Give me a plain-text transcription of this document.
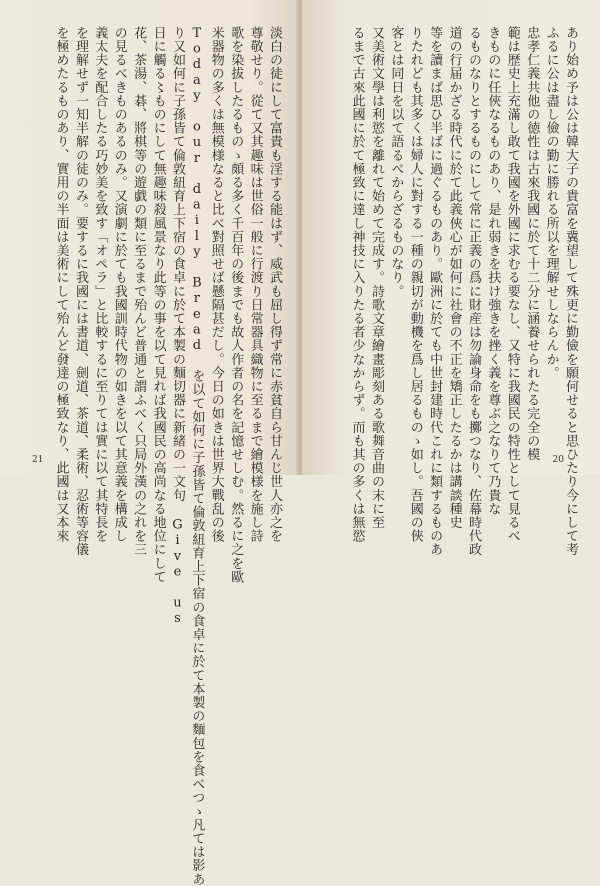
淡白の徒にして富貴も淫する能はず、威武も屈し得ず常に赤貧自ら甘んじ世人亦之を
尊敬せり。從て又其趣味は世俗一般に行渡り日常器具織物に至るまで繪模様を施し詩
歌を染拔したるものゝ頗る多く千百年の後までも故人作者の名を記憶せしむ。然るに之を歐
米器物の多くは無模様なると比べ對照せば懸隔甚だし。今日の如きは世界大戰乱の後
Today our daily Bread を以て如何に子孫皆て倫敦紐育上下宿の食卓に於て本製の麵包を食べつゝ凡ては影あ
り又如何に子孫皆て倫敦紐育上下宿の食卓に於て本製の麵切器に新緒の一文句 Give us
日に觸る〻ものにして無趣味殺風景なり此等の事を以て見れば我國民の高尚なる地位にして
花、茶湯、碁、將棋等の遊戯の類に至るまで殆んど普通と謂ふべく只局外漢の之れを三
の見るべきものあるのみ。又演劇に於ても我國訓時代物の如きを以て其意義を構成し
義太夫を配合したる巧妙美を致す「オペラ」と比較するに至りては實に以て其特長を
を理解せず一知半解の徒のみ。要するに我國には書道、劍道、茶道、柔術、忍術等容儀
を極めたるものあり、實用の半面は美術にして殆んど發達の極致なり、此國は又本來
21	あり始め予は公は韓大子の貴富を冀望して殊更に勤儉を願何せると思ひたり今にして考
ふるに公は盡し儉の勤に勝れる所以を理解せしならんか。
忠孝仁義共他の徳性は古來我國に於て十二分に涵養せられたる完全の模
範は歴史上充滿し敢て我國を外國に求むる要なし、又特に我國民の特性として見るべ
きものに任俠なるものあり、是れ弱きを扶け強きを挫く義を尊ぶ之なりて乃貴な
るものなりとするものにして常に正義の爲に財産は勿論身命をも擲つなり、佐幕時代政
道の行届かざる時代に於て此義俠心が如何に社會の不正を矯正したるかは講談種史
等を讀まば思ひ半ばに過ぐるものあり。歐洲に於ても中世封建時代これに類するものあ
りたれども其多くは婦人に對する一種の親切が動機を爲し居るものゝ如し。吾國の俠
客とは同日を以て語るべからざるものなり。
又美術文學は利慾を離れて始めて完成す。詩歌文章繪畫彫刻ある歌舞音曲の末に至
るまで古來此國に於て極致に達し神技に入りたる者少なからず。而も其の多くは無慾	20
